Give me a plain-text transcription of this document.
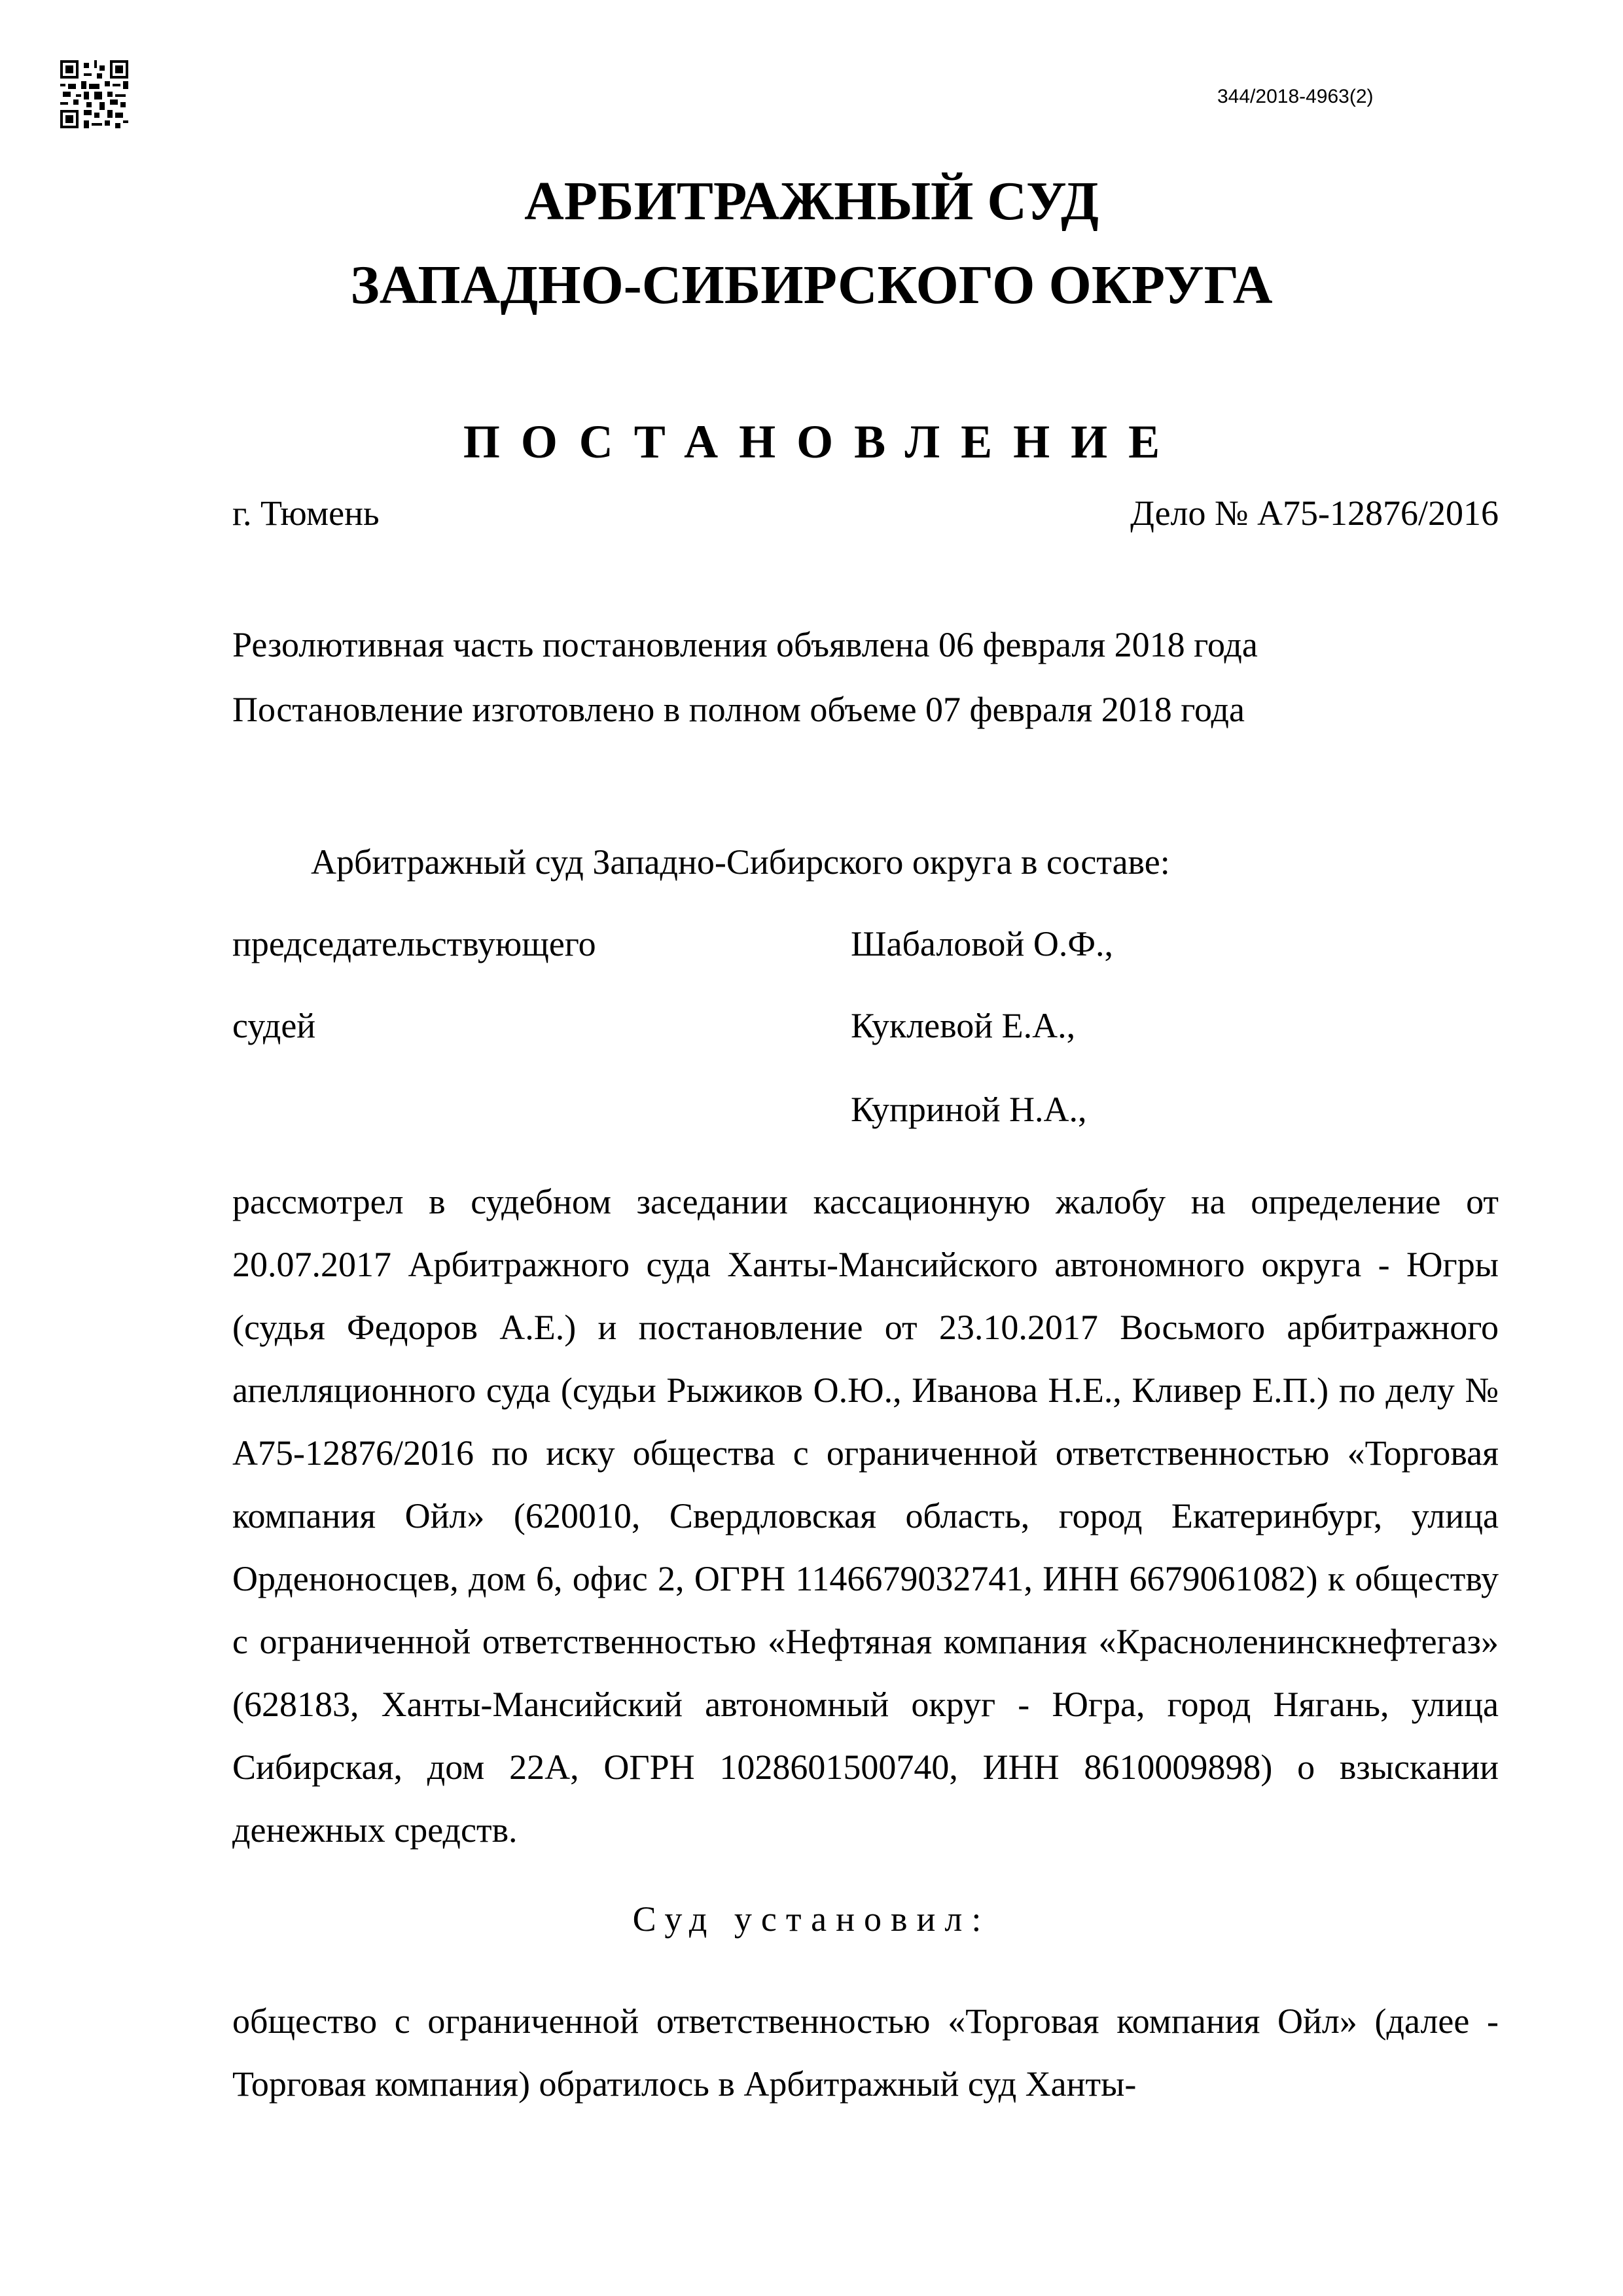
344/2018-4963(2)
АРБИТРАЖНЫЙ СУД
ЗАПАДНО-СИБИРСКОГО ОКРУГА
ПОСТАНОВЛЕНИЕ
г. Тюмень	Дело № А75-12876/2016
Резолютивная часть постановления объявлена 06 февраля 2018 года
Постановление изготовлено в полном объеме 07 февраля 2018 года
Арбитражный суд Западно-Сибирского округа в составе:
председательствующего	Шабаловой О.Ф.,
судей	Куклевой Е.А.,
Куприной Н.А.,
рассмотрел в судебном заседании кассационную жалобу на определение от 20.07.2017 Арбитражного суда Ханты-Мансийского автономного округа - Югры (судья Федоров А.Е.) и постановление от 23.10.2017 Восьмого арбитражного апелляционного суда (судьи Рыжиков О.Ю., Иванова Н.Е., Кливер Е.П.) по делу № А75-12876/2016 по иску общества с ограниченной ответственностью «Торговая компания Ойл» (620010, Свердловская область, город Екатеринбург, улица Орденоносцев, дом 6, офис 2, ОГРН 1146679032741, ИНН 6679061082) к обществу с ограниченной ответственностью «Нефтяная компания «Красноленинскнефтегаз» (628183, Ханты-Мансийский автономный округ - Югра, город Нягань, улица Сибирская, дом 22А, ОГРН 1028601500740, ИНН 8610009898) о взыскании денежных средств.
Суд установил:
общество с ограниченной ответственностью «Торговая компания Ойл» (далее - Торговая компания) обратилось в Арбитражный суд Ханты-
